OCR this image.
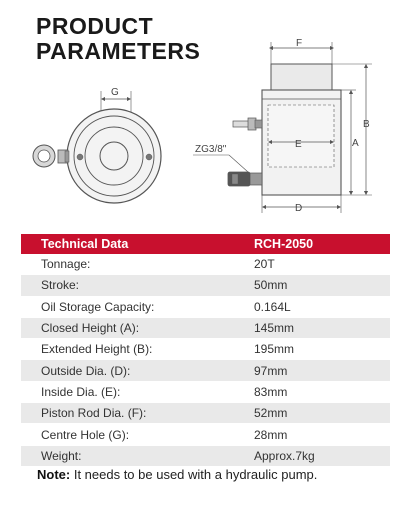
PRODUCT
PARAMETERS
G
F
E
D
A
B
ZG3/8"
Technical Data	RCH-2050
Tonnage:	20T
Stroke:	50mm
Oil Storage Capacity:	0.164L
Closed Height (A):	145mm
Extended Height (B):	195mm
Outside Dia. (D):	97mm
Inside Dia. (E):	83mm
Piston Rod Dia. (F):	52mm
Centre Hole (G):	28mm
Weight:	Approx.7kg
Note: It needs to be used with a hydraulic pump.
